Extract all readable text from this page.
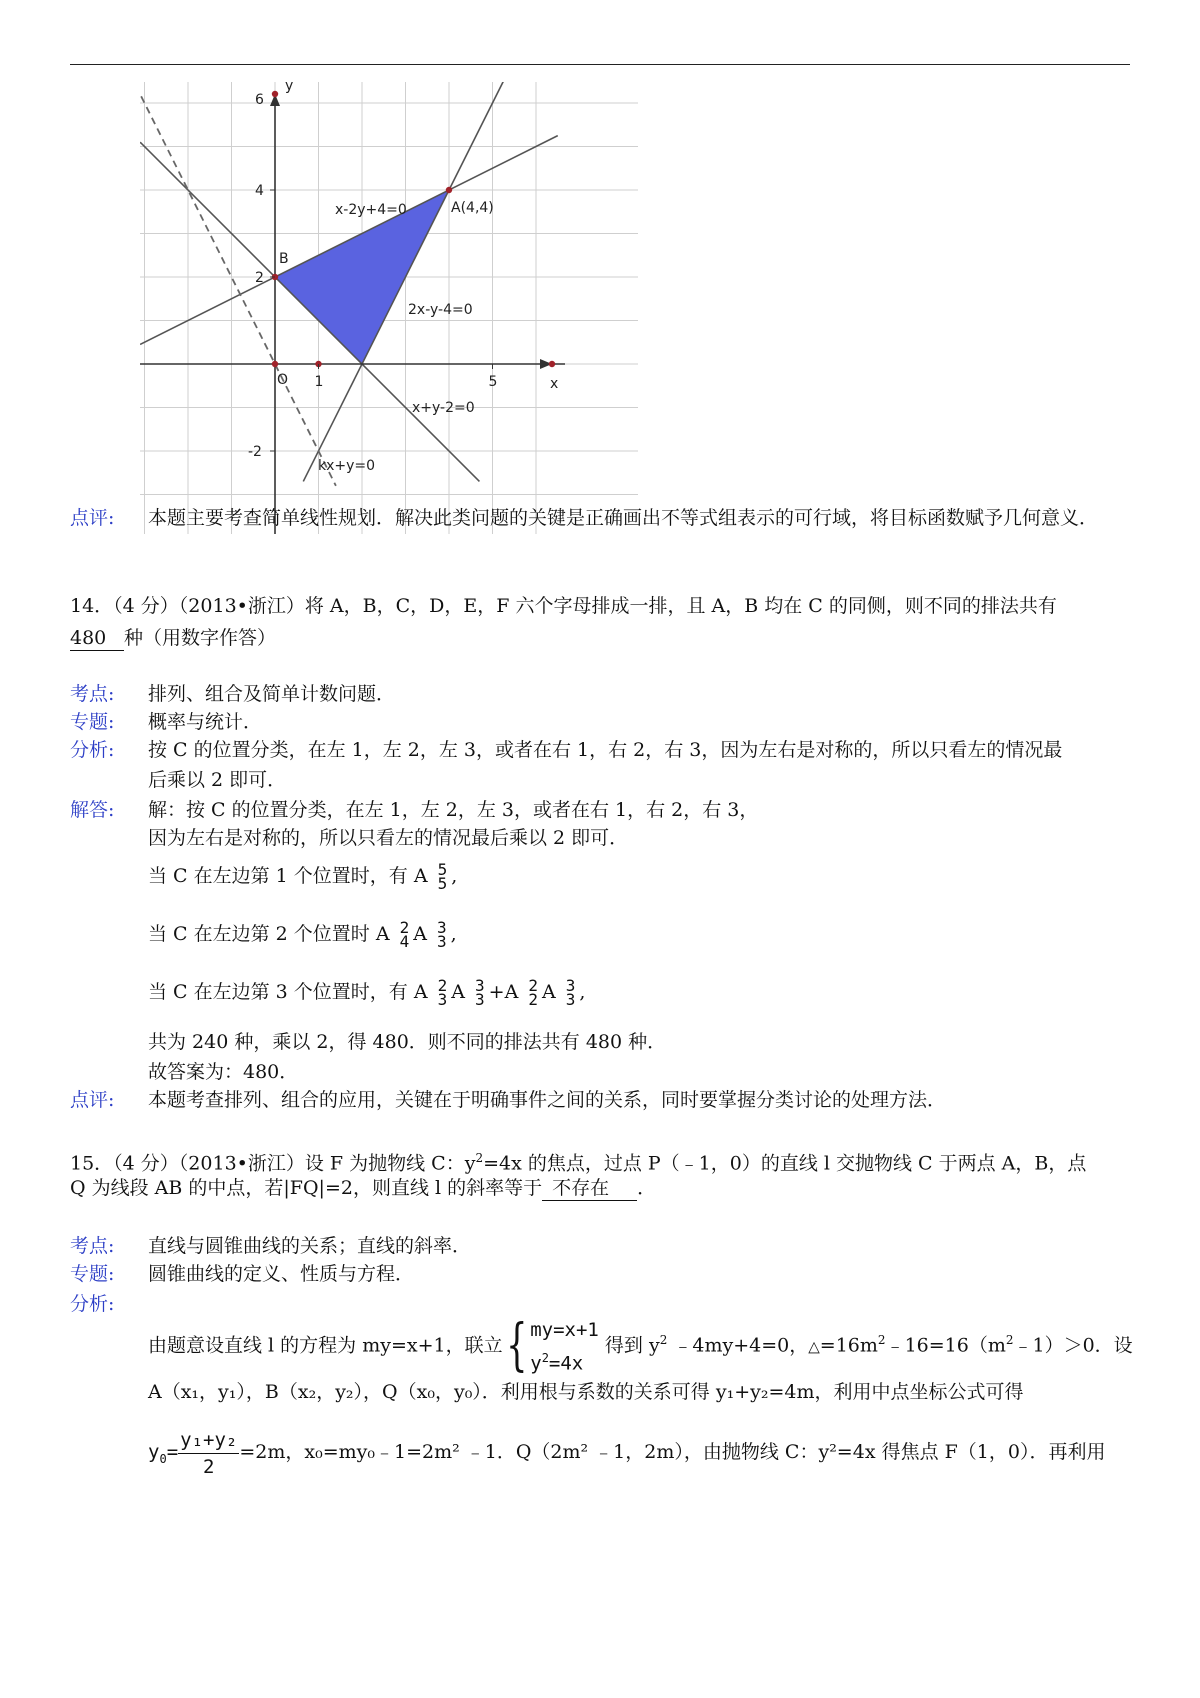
y
x
6
4
2
-2
1	5
O
B
A(4,4)
x-2y+4=0
2x-y-4=0
x+y-2=0
kx+y=0
点评: 本题主要考查简单线性规划．解决此类问题的关键是正确画出不等式组表示的可行域，将目标函数赋予几何意义．
14．（4 分）（2013•浙江）将 A，B，C，D，E，F 六个字母排成一排，且 A，B 均在 C 的同侧，则不同的排法共有
480 种（用数字作答）
考点: 排列、组合及简单计数问题．
专题: 概率与统计．
分析: 按 C 的位置分类，在左 1，左 2，左 3，或者在右 1，右 2，右 3，因为左右是对称的，所以只看左的情况最
后乘以 2 即可．
解答: 解：按 C 的位置分类，在左 1，左 2，左 3，或者在右 1，右 2，右 3，
因为左右是对称的，所以只看左的情况最后乘以 2 即可．
当 C 在左边第 1 个位置时，有 A 5
5 ,
当 C 在左边第 2 个位置时 A 2
4 A 3
3 ,
当 C 在左边第 3 个位置时，有 A 2
3 A 3
3 +A 2
2 A 3
3 ,
共为 240 种，乘以 2，得 480．则不同的排法共有 480 种．
故答案为：480．
点评: 本题考查排列、组合的应用，关键在于明确事件之间的关系，同时要掌握分类讨论的处理方法．
15．（4 分）（2013•浙江）设 F 为抛物线 C：$y^2=4x$ 的焦点，过点 P（﹣1，0）的直线 l 交抛物线 C 于两点 A，B，点
Q 为线段 AB 的中点，若|FQ|=2，则直线 l 的斜率等于 不存在 ．
考点: 直线与圆锥曲线的关系；直线的斜率．
专题: 圆锥曲线的定义、性质与方程．
分析:
由题意设直线 l 的方程为 my=x+1，联立{ my=x+1
$y^2=4x$
得到 $y^2$ ﹣4my+4=0，$\triangle=16m^2﹣16=16(m^2﹣1)>0$．设
A（x₁，y₁），B（x₂，y₂），Q（x₀，y₀）．利用根与系数的关系可得 y₁+y₂=4m，利用中点坐标公式可得
$y_0= \frac{\text{y₁+y₂}}{2} =2m$，x₀=my₀﹣1=2m² ﹣1．Q（2m² ﹣1，2m），由抛物线 C：y²=4x 得焦点 F（1，0）．再利用
